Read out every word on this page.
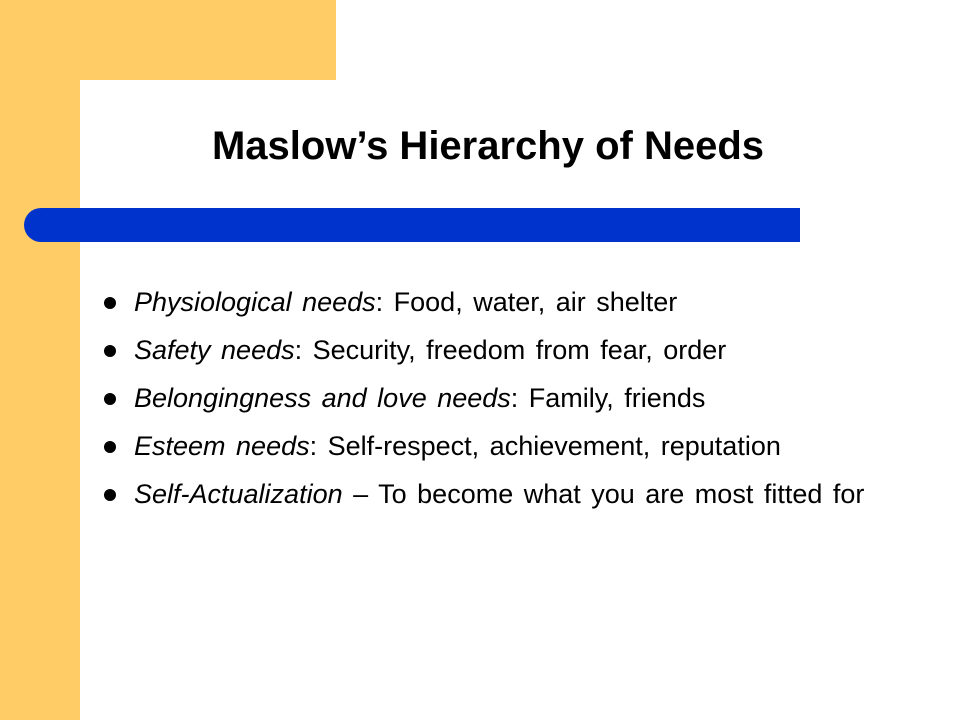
Maslow’s Hierarchy of Needs
Physiological needs: Food, water, air shelter
Safety needs: Security, freedom from fear, order
Belongingness and love needs: Family, friends
Esteem needs: Self-respect, achievement, reputation
Self-Actualization – To become what you are most fitted for
